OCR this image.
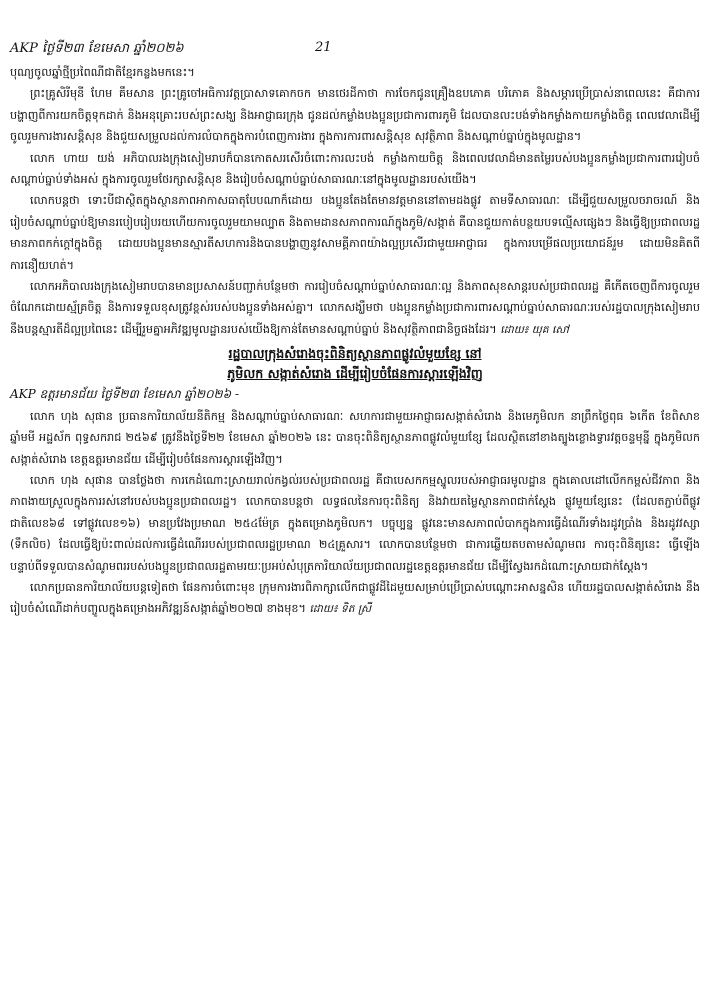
AKP ថ្ងៃទី២៣ ខែមេសា ឆ្នាំ២០២៦	21

បុណ្យចូលឆ្នាំថ្មីប្រពៃណីជាតិខ្មែរកន្លងមកនេះ។

ព្រះគ្រូសិរីមុនី ហែម គឹមសាន ព្រះគ្រូចៅអធិការវត្តប្រាសាទគោកចក មានថេរដីកាថា ការចែកជូនគ្រឿងឧបភោគ បរិភោគ និងសម្ភារប្រើប្រាស់នាពេលនេះ គឺជាការបង្ហាញពីការយកចិត្តទុកដាក់ និងអនុគ្រោះរបស់ព្រះសង្ឃ និងអាជ្ញាធរក្រុង ជូនដល់កម្លាំងបងប្អូនប្រជាការពារភូមិ ដែលបានលះបង់ទាំងកម្លាំងកាយកម្លាំងចិត្ត ពេលវេលាដើម្បីចូលរួមការងារសន្តិសុខ និងជួយសម្រួលដល់ការលំបាកក្នុងការបំពេញការងារ ក្នុងការការពារសន្តិសុខ សុវត្ថិភាព និងសណ្តាប់ធ្នាប់ក្នុងមូលដ្ឋាន។

លោក ហាយ យង់ អភិបាលរងក្រុងសៀមរាបក៏បានកោតសរសើរចំពោះការលះបង់ កម្លាំងកាយចិត្ត និងពេលវេលាដ៏មានតម្លៃរបស់បងប្អូនកម្លាំងប្រជាការពាររៀបចំសណ្តាប់ធ្នាប់ទាំងអស់ ក្នុងការចូលរួមថែរក្សាសន្តិសុខ និងរៀបចំសណ្តាប់ធ្នាប់សាធារណៈនៅក្នុងមូលដ្ឋានរបស់យើង។

លោកបន្តថា ទោះបីជាស្ថិតក្នុងស្ថានភាពអាកាសធាតុបែបណាក៏ដោយ បងប្អូនតែងតែមានវត្តមាននៅតាមដងផ្លូវ តាមទីសាធារណៈ ដើម្បីជួយសម្រួលចរាចរណ៍ និងរៀបចំសណ្តាប់ធ្នាប់ឱ្យមានរបៀបរៀបរយហើយការចូលរួមយាមល្បាត និងតាមដានសភាពការណ៍ក្នុងភូមិ/សង្កាត់ គឺបានជួយកាត់បន្ថយបទល្មើសផ្សេងៗ និងធ្វើឱ្យប្រជាពលរដ្ឋមានភាពកក់ក្តៅក្នុងចិត្ត ដោយបងប្អូនមានស្មារតីសហការនិងបានបង្ហាញនូវសាមគ្គីភាពយ៉ាងល្អប្រសើរជាមួយអាជ្ញាធរ ក្នុងការបម្រើផលប្រយោជន៍រួម ដោយមិនគិតពីការនឿយហត់។

លោកអភិបាលរងក្រុងសៀមរាបបានមានប្រសាសន៍បញ្ជាក់បន្ថែមថា ការរៀបចំសណ្តាប់ធ្នាប់សាធារណៈល្អ និងភាពសុខសាន្តរបស់ប្រជាពលរដ្ឋ គឺកើតចេញពីការចូលរួមចំណែកដោយស្ម័គ្រចិត្ត និងការទទួលខុសត្រូវខ្ពស់របស់បងប្អូនទាំងអស់គ្នា។ លោកសង្ឃឹមថា បងប្អូនកម្លាំងប្រជាការពារសណ្តាប់ធ្នាប់សាធារណៈរបស់រដ្ឋបាលក្រុងសៀមរាបនឹងបន្តស្មារតីដ៏ល្អប្រពៃនេះ ដើម្បីរួមគ្នាអភិវឌ្ឍមូលដ្ឋានរបស់យើងឱ្យកាន់តែមានសណ្តាប់ធ្នាប់ និងសុវត្ថិភាពជានិច្ចផងដែរ។ ដោយ៖ យុគ សៅ

រដ្ឋបាលក្រុងសំរោងចុះពិនិត្យស្ថានភាពផ្លូវលំមួយខ្សែ នៅ
ភូមិលក សង្កាត់សំរោង ដើម្បីរៀបចំផែនការស្តារឡើងវិញ

AKP ឧត្តរមានជ័យ ថ្ងៃទី២៣ ខែមេសា ឆ្នាំ២០២៦ -

លោក ហុង សុផាន ប្រធានការិយាល័យនីតិកម្ម និងសណ្តាប់ធ្នាប់សាធារណៈ សហការជាមួយអាជ្ញាធរសង្កាត់សំរោង និងមេភូមិលក នាព្រឹកថ្ងៃពុធ ៦កើត ខែពិសាខ ឆ្នាំមមី អដ្ឋស័ក ពុទ្ធសករាជ ២៥៦៩ ត្រូវនឹងថ្ងៃទី២២ ខែមេសា ឆ្នាំ២០២៦ នេះ បានចុះពិនិត្យស្ថានភាពផ្លូវលំមួយខ្សែ ដែលស្ថិតនៅខាងត្បូងខ្លោងទ្វារវត្តចន្ទមុន្នី ក្នុងភូមិលក សង្កាត់សំរោង ខេត្តឧត្តរមានជ័យ ដើម្បីរៀបចំផែនការស្តារឡើងវិញ។

លោក ហុង សុផាន បានថ្លែងថា ការកេដំណោះស្រាយរាល់កង្វល់របស់ប្រជាពលរដ្ឋ គឺជាបេសកកម្មស្នូលរបស់អាជ្ញាធរមូលដ្ឋាន ក្នុងគោលដៅលើកកម្ពស់ជីវភាព និងភាពងាយស្រួលក្នុងការរស់នៅរបស់បងប្អូនប្រជាពលរដ្ឋ។ លោកបានបន្តថា លទ្ធផលនៃការចុះពិនិត្យ និងវាយតម្លៃស្ថានភាពជាក់ស្តែង ផ្លូវមួយខ្សែនេះ (ដែលតភ្ជាប់ពីផ្លូវជាតិលេខ៦៨ ទៅផ្លូវលេខ១៦) មានប្រវែងប្រមាណ ២៥៤ម៉ែត្រ ក្នុងតម្រោងភូមិលក។ បច្ចុប្បន្ន ផ្លូវនេះមានសភាពលំបាកក្នុងការធ្វើដំណើរទាំងរដូវប្រាំង និងរដូវវស្សា (ទឹកលិច) ដែលធ្វើឱ្យប៉ះពាល់ដល់ការធ្វើដំណើររបស់ប្រជាពលរដ្ឋប្រមាណ ២៤គ្រួសារ។ លោកបានបន្ថែមថា ជាការឆ្លើយតបតាមសំណូមពរ ការចុះពិនិត្យនេះ ធ្វើឡើងបន្ទាប់ពីទទួលបានសំណូមពររបស់បងប្អូនប្រជាពលរដ្ឋតាមរយៈប្រអប់សំបុត្រការិយាល័យប្រជាពលរដ្ឋខេត្តឧត្តរមានជ័យ ដើម្បីស្វែងរកដំណោះស្រាយជាក់ស្តែង។

លោកប្រធានការិយាល័យបន្តទៀតថា ផែនការចំពោះមុខ ក្រុមការងារពិភាក្សាលើកជាផ្លូវដីដៃមួយសម្រាប់ប្រើប្រាស់បណ្តោះអាសន្នសិន ហើយរដ្ឋបាលសង្កាត់សំរោង នឹងរៀបចំសំណើដាក់បញ្ចូលក្នុងគម្រោងអភិវឌ្ឍន៍សង្កាត់ឆ្នាំ២០២៧ ខាងមុខ។ ដោយ៖ ទិត ស្រី
